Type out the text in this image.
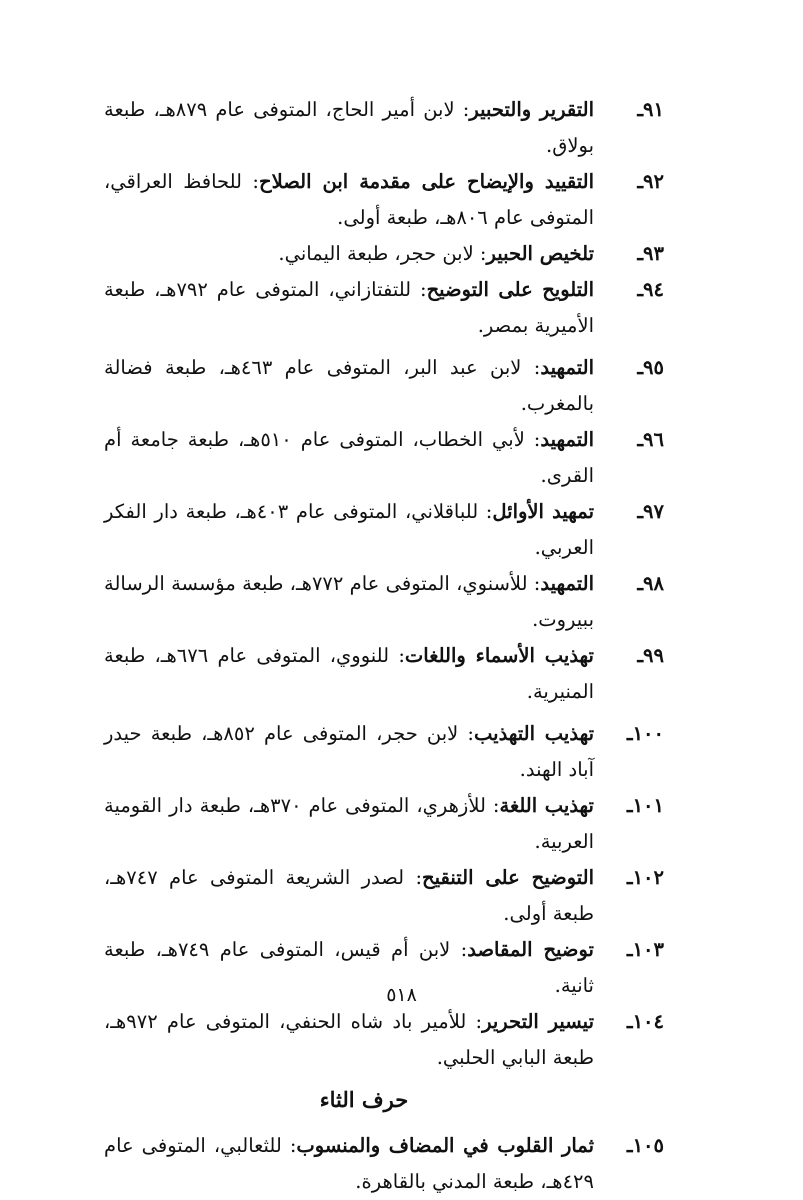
٩١ـ
التقرير والتحبير: لابن أمير الحاج، المتوفى عام ٨٧٩هـ، طبعة بولاق.

٩٢ـ
التقييد والإيضاح على مقدمة ابن الصلاح: للحافظ العراقي، المتوفى عام ٨٠٦هـ، طبعة أولى.

٩٣ـ
تلخيص الحبير: لابن حجر، طبعة اليماني.

٩٤ـ
التلويح على التوضيح: للتفتازاني، المتوفى عام ٧٩٢هـ، طبعة الأميرية بمصر.

٩٥ـ
التمهيد: لابن عبد البر، المتوفى عام ٤٦٣هـ، طبعة فضالة بالمغرب.

٩٦ـ
التمهيد: لأبي الخطاب، المتوفى عام ٥١٠هـ، طبعة جامعة أم القرى.

٩٧ـ
تمهيد الأوائل: للباقلاني، المتوفى عام ٤٠٣هـ، طبعة دار الفكر العربي.

٩٨ـ
التمهيد: للأسنوي، المتوفى عام ٧٧٢هـ، طبعة مؤسسة الرسالة ببيروت.

٩٩ـ
تهذيب الأسماء واللغات: للنووي، المتوفى عام ٦٧٦هـ، طبعة المنيرية.

١٠٠ـ
تهذيب التهذيب: لابن حجر، المتوفى عام ٨٥٢هـ، طبعة حيدر آباد الهند.

١٠١ـ
تهذيب اللغة: للأزهري، المتوفى عام ٣٧٠هـ، طبعة دار القومية العربية.

١٠٢ـ
التوضيح على التنقيح: لصدر الشريعة المتوفى عام ٧٤٧هـ، طبعة أولى.

١٠٣ـ
توضيح المقاصد: لابن أم قيس، المتوفى عام ٧٤٩هـ، طبعة ثانية.

١٠٤ـ
تيسير التحرير: للأمير باد شاه الحنفي، المتوفى عام ٩٧٢هـ، طبعة البابي الحلبي.

حرف الثاء

١٠٥ـ
ثمار القلوب في المضاف والمنسوب: للثعالبي، المتوفى عام ٤٢٩هـ، طبعة المدني بالقاهرة.

٥١٨
